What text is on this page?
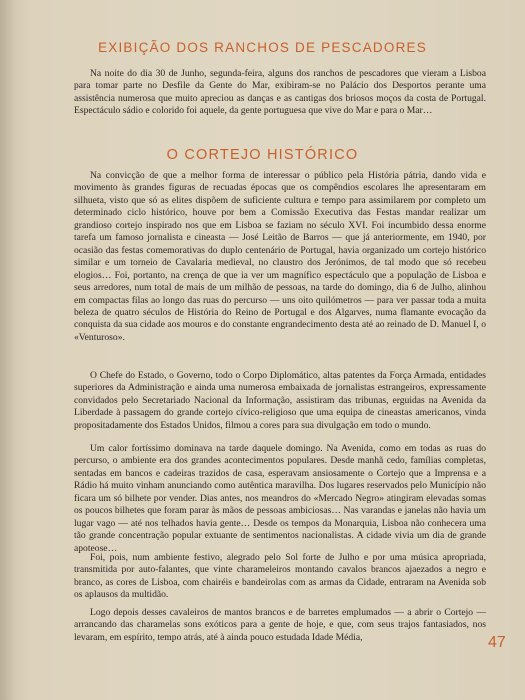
EXIBIÇÃO DOS RANCHOS DE PESCADORES

Na noite do dia 30 de Junho, segunda-feira, alguns dos ranchos de pescadores que vieram a Lisboa para tomar parte no Desfile da Gente do Mar, exibiram-se no Palácio dos Desportos perante uma assistência numerosa que muito apreciou as danças e as cantigas dos briosos moços da costa de Portugal. Espectáculo sádio e colorido foi aquele, da gente portuguesa que vive do Mar e para o Mar…

O CORTEJO HISTÓRICO

Na convicção de que a melhor forma de interessar o público pela História pátria, dando vida e movimento às grandes figuras de recuadas épocas que os compêndios escolares lhe apresentaram em silhueta, visto que só as elites dispõem de suficiente cultura e tempo para assimilarem por completo um determinado ciclo histórico, houve por bem a Comissão Executiva das Festas mandar realizar um grandioso cortejo inspirado nos que em Lisboa se faziam no século XVI. Foi incumbido dessa enorme tarefa um famoso jornalista e cineasta — José Leitão de Barros — que já anteriormente, em 1940, por ocasião das festas comemorativas do duplo centenário de Portugal, havia organizado um cortejo histórico similar e um torneio de Cavalaria medieval, no claustro dos Jerónimos, de tal modo que só recebeu elogios… Foi, portanto, na crença de que ia ver um magnífico espectáculo que a população de Lisboa e seus arredores, num total de mais de um milhão de pessoas, na tarde do domingo, dia 6 de Julho, alinhou em compactas filas ao longo das ruas do percurso — uns oito quilómetros — para ver passar toda a muita beleza de quatro séculos de História do Reino de Portugal e dos Algarves, numa flamante evocação da conquista da sua cidade aos mouros e do constante engrandecimento desta até ao reinado de D. Manuel I, o «Venturoso».

O Chefe do Estado, o Governo, todo o Corpo Diplomático, altas patentes da Força Armada, entidades superiores da Administração e ainda uma numerosa embaixada de jornalistas estrangeiros, expressamente convidados pelo Secretariado Nacional da Informação, assistiram das tribunas, erguidas na Avenida da Liberdade à passagem do grande cortejo cívico-religioso que uma equipa de cineastas americanos, vinda propositadamente dos Estados Unidos, filmou a cores para sua divulgação em todo o mundo.

Um calor fortíssimo dominava na tarde daquele domingo. Na Avenida, como em todas as ruas do percurso, o ambiente era dos grandes acontecimentos populares. Desde manhã cedo, famílias completas, sentadas em bancos e cadeiras trazidos de casa, esperavam ansiosamente o Cortejo que a Imprensa e a Rádio há muito vinham anunciando como autêntica maravilha. Dos lugares reservados pelo Município não ficara um só bilhete por vender. Dias antes, nos meandros do «Mercado Negro» atingiram elevadas somas os poucos bilhetes que foram parar às mãos de pessoas ambiciosas… Nas varandas e janelas não havia um lugar vago — até nos telhados havia gente… Desde os tempos da Monarquia, Lisboa não conhecera uma tão grande concentração popular extuante de sentimentos nacionalistas. A cidade vivia um dia de grande apoteose…

Foi, pois, num ambiente festivo, alegrado pelo Sol forte de Julho e por uma música apropriada, transmitida por auto-falantes, que vinte charameleiros montando cavalos brancos ajaezados a negro e branco, as cores de Lisboa, com chairéis e bandeirolas com as armas da Cidade, entraram na Avenida sob os aplausos da multidão.

Logo depois desses cavaleiros de mantos brancos e de barretes emplumados — a abrir o Cortejo — arrancando das charamelas sons exóticos para a gente de hoje, e que, com seus trajos fantasiados, nos levaram, em espírito, tempo atrás, até à ainda pouco estudada Idade Média,	47
